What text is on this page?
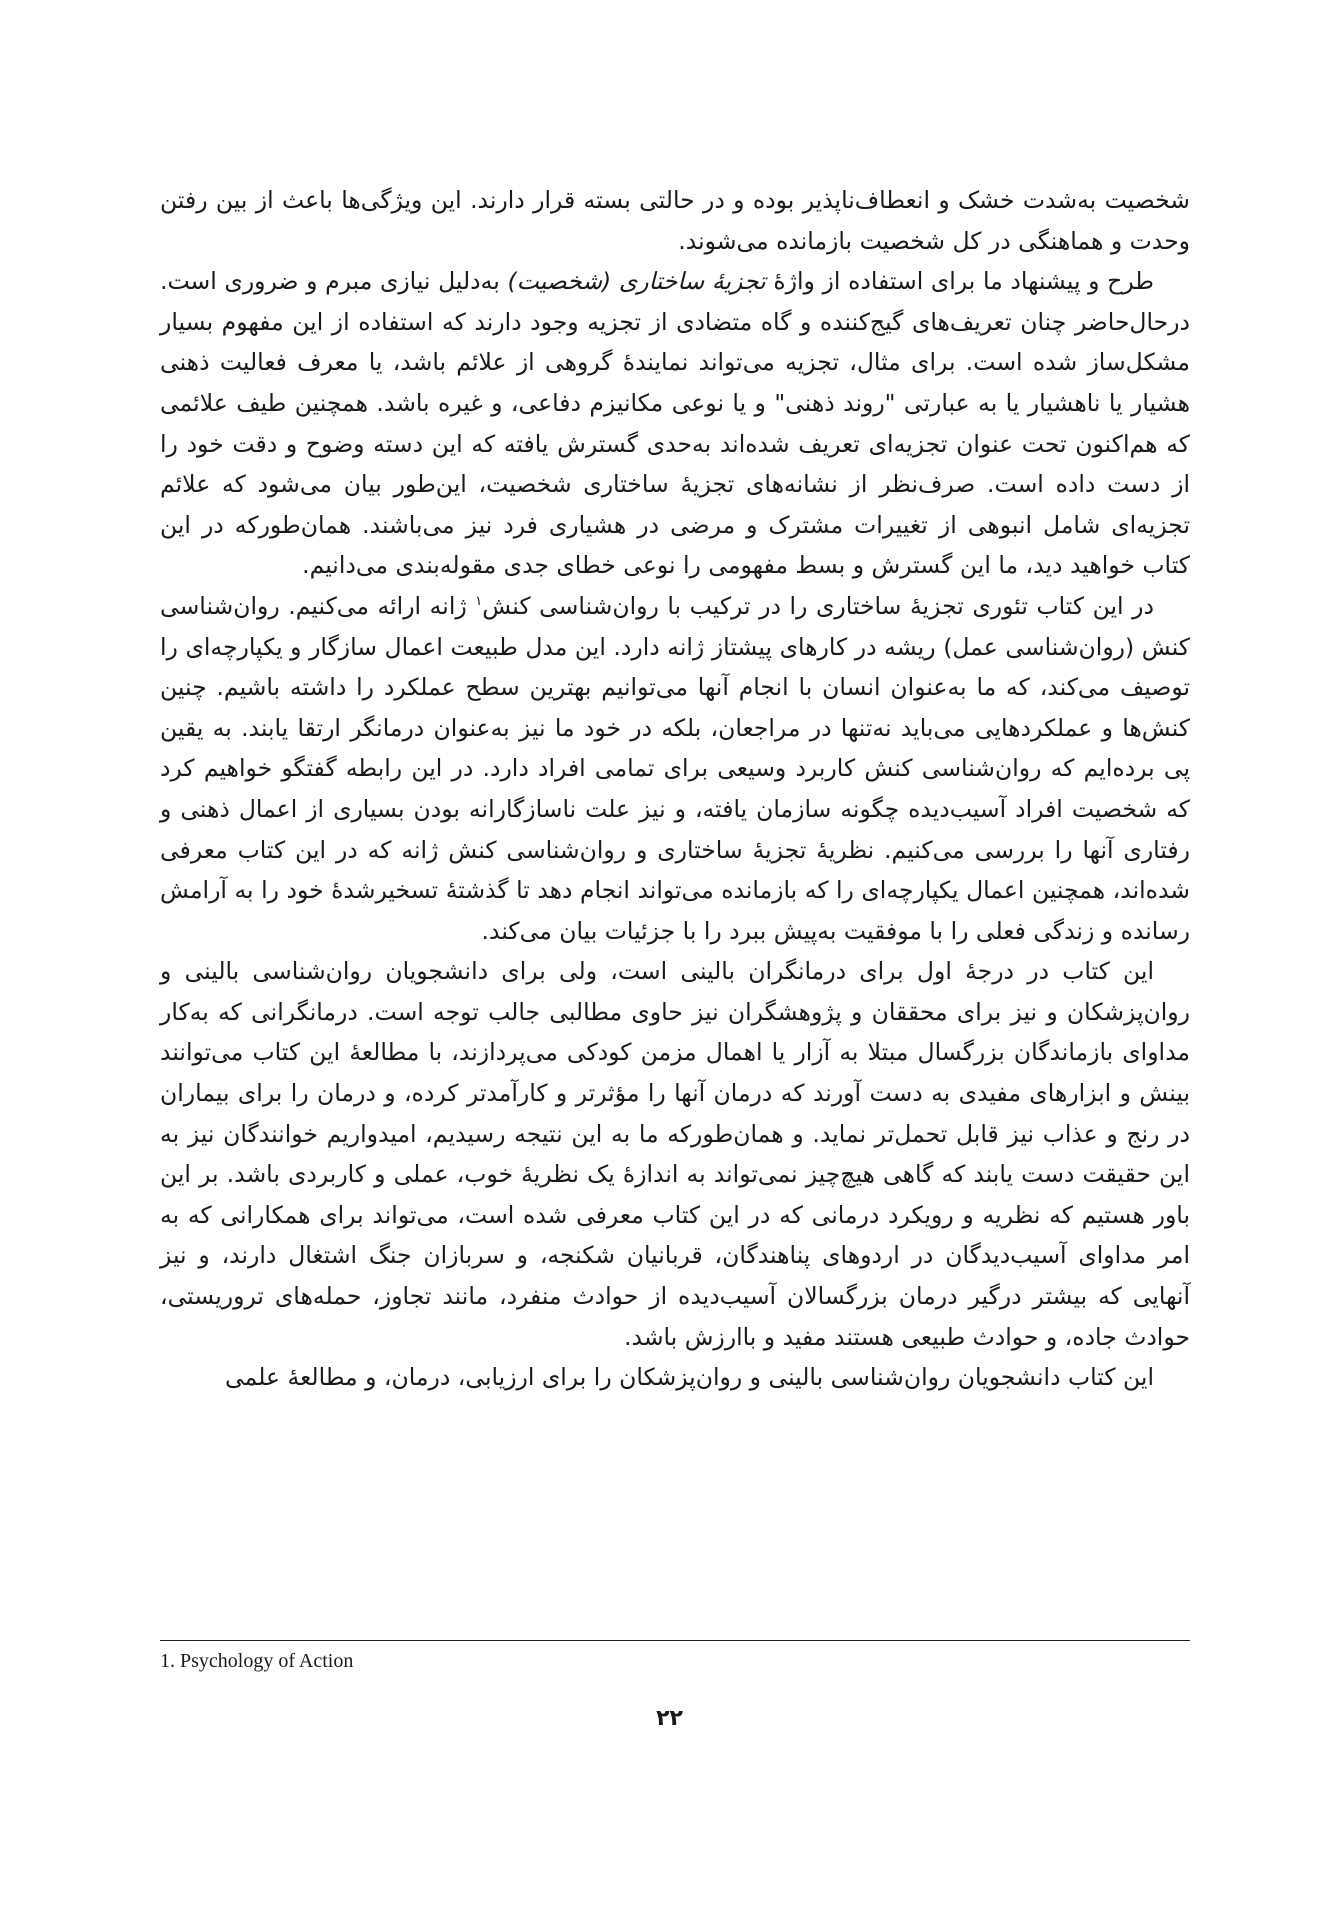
شخصیت به‌شدت خشک و انعطاف‌ناپذیر بوده و در حالتی بسته قرار دارند. این ویژگی‌ها باعث از بین رفتن وحدت و هماهنگی در کل شخصیت بازمانده می‌شوند.

طرح و پیشنهاد ما برای استفاده از واژهٔ تجزیهٔ ساختاری (شخصیت) به‌دلیل نیازی مبرم و ضروری است. درحال‌حاضر چنان تعریف‌های گیج‌کننده و گاه متضادی از تجزیه وجود دارند که استفاده از این مفهوم بسیار مشکل‌ساز شده است. برای مثال، تجزیه می‌تواند نمایندهٔ گروهی از علائم باشد، یا معرف فعالیت ذهنی هشیار یا ناهشیار یا به عبارتی "روند ذهنی" و یا نوعی مکانیزم دفاعی، و غیره باشد. همچنین طیف علائمی که هم‌اکنون تحت عنوان تجزیه‌ای تعریف شده‌اند به‌حدی گسترش یافته که این دسته وضوح و دقت خود را از دست داده است. صرف‌نظر از نشانه‌های تجزیهٔ ساختاری شخصیت، این‌طور بیان می‌شود که علائم تجزیه‌ای شامل انبوهی از تغییرات مشترک و مرضی در هشیاری فرد نیز می‌باشند. همان‌طورکه در این کتاب خواهید دید، ما این گسترش و بسط مفهومی را نوعی خطای جدی مقوله‌بندی می‌دانیم.

در این کتاب تئوری تجزیهٔ ساختاری را در ترکیب با روان‌شناسی کنش$^۱$ ژانه ارائه می‌کنیم. روان‌شناسی کنش (روان‌شناسی عمل) ریشه در کارهای پیشتاز ژانه دارد. این مدل طبیعت اعمال سازگار و یکپارچه‌ای را توصیف می‌کند، که ما به‌عنوان انسان با انجام آنها می‌توانیم بهترین سطح عملکرد را داشته باشیم. چنین کنش‌ها و عملکردهایی می‌باید نه‌تنها در مراجعان، بلکه در خود ما نیز به‌عنوان درمانگر ارتقا یابند. به یقین پی برده‌ایم که روان‌شناسی کنش کاربرد وسیعی برای تمامی افراد دارد. در این رابطه گفتگو خواهیم کرد که شخصیت افراد آسیب‌دیده چگونه سازمان یافته، و نیز علت ناسازگارانه بودن بسیاری از اعمال ذهنی و رفتاری آنها را بررسی می‌کنیم. نظریهٔ تجزیهٔ ساختاری و روان‌شناسی کنش ژانه که در این کتاب معرفی شده‌اند، همچنین اعمال یکپارچه‌ای را که بازمانده می‌تواند انجام دهد تا گذشتهٔ تسخیرشدهٔ خود را به آرامش رسانده و زندگی فعلی را با موفقیت به‌پیش ببرد را با جزئیات بیان می‌کند.

این کتاب در درجهٔ اول برای درمانگران بالینی است، ولی برای دانشجویان روان‌شناسی بالینی و روان‌پزشکان و نیز برای محققان و پژوهشگران نیز حاوی مطالبی جالب توجه است. درمانگرانی که به‌کار مداوای بازماندگان بزرگسال مبتلا به آزار یا اهمال مزمن کودکی می‌پردازند، با مطالعهٔ این کتاب می‌توانند بینش و ابزارهای مفیدی به دست آورند که درمان آنها را مؤثرتر و کارآمدتر کرده، و درمان را برای بیماران در رنج و عذاب نیز قابل تحمل‌تر نماید. و همان‌طورکه ما به این نتیجه رسیدیم، امیدواریم خوانندگان نیز به این حقیقت دست یابند که گاهی هیچ‌چیز نمی‌تواند به اندازهٔ یک نظریهٔ خوب، عملی و کاربردی باشد. بر این باور هستیم که نظریه و رویکرد درمانی که در این کتاب معرفی شده است، می‌تواند برای همکارانی که به امر مداوای آسیب‌دیدگان در اردوهای پناهندگان، قربانیان شکنجه، و سربازان جنگ اشتغال دارند، و نیز آنهایی که بیشتر درگیر درمان بزرگسالان آسیب‌دیده از حوادث منفرد، مانند تجاوز، حمله‌های تروریستی، حوادث جاده، و حوادث طبیعی هستند مفید و باارزش باشد.

این کتاب دانشجویان روان‌شناسی بالینی و روان‌پزشکان را برای ارزیابی، درمان، و مطالعهٔ علمی

1. Psychology of Action
۲۲
